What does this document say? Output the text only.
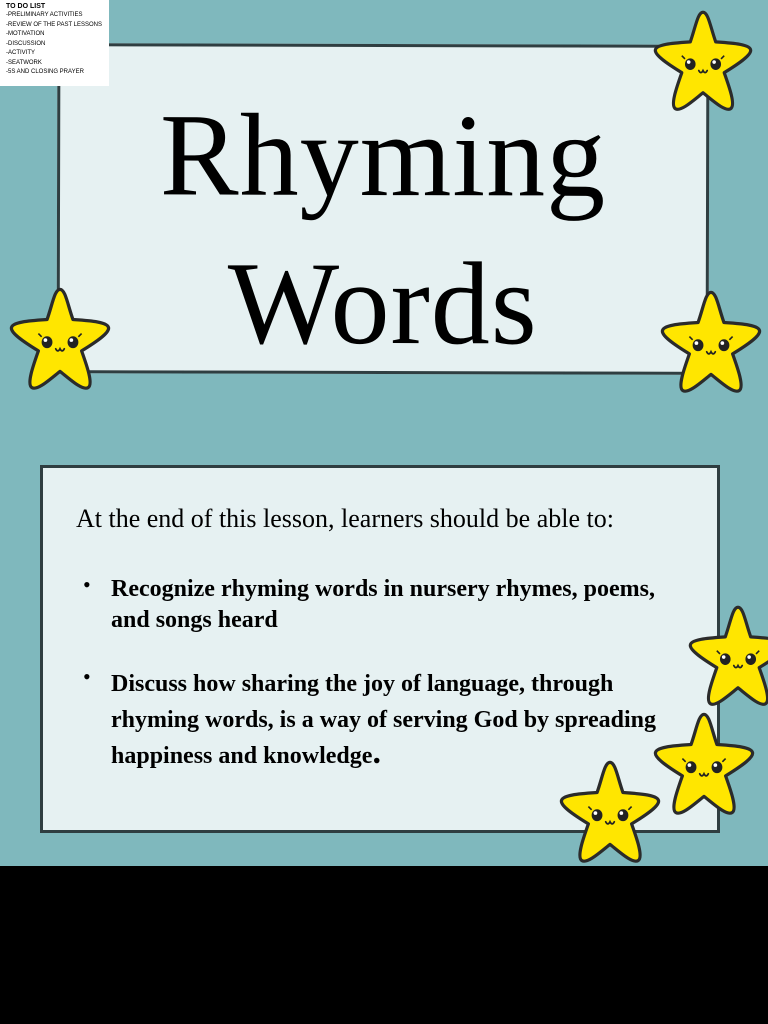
Rhyming
Words
At the end of this lesson, learners should be able to:
• Recognize rhyming words in nursery rhymes, poems, and songs heard
• Discuss how sharing the joy of language, through rhyming words, is a way of serving God by spreading happiness and knowledge.
TO DO LIST
-PRELIMINARY ACTIVITIES
-REVIEW OF THE PAST LESSONS
-MOTIVATION
-DISCUSSION
-ACTIVITY
-SEATWORK
-5S AND CLOSING PRAYER
